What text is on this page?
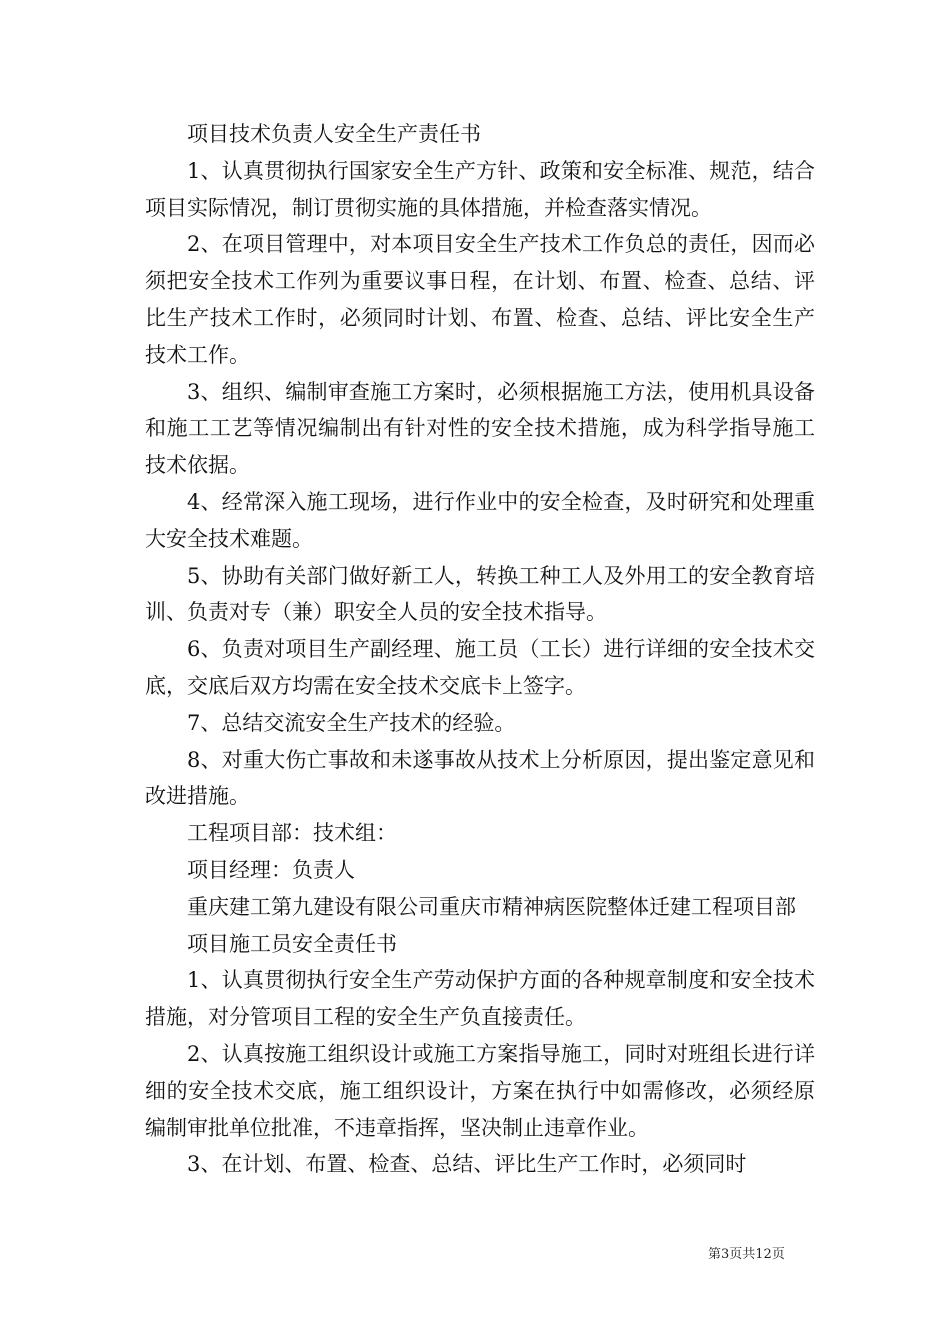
项目技术负责人安全生产责任书

1、认真贯彻执行国家安全生产方针、政策和安全标准、规范，结合项目实际情况，制订贯彻实施的具体措施，并检查落实情况。

2、在项目管理中，对本项目安全生产技术工作负总的责任，因而必须把安全技术工作列为重要议事日程，在计划、布置、检查、总结、评比生产技术工作时，必须同时计划、布置、检查、总结、评比安全生产技术工作。

3、组织、编制审查施工方案时，必须根据施工方法，使用机具设备和施工工艺等情况编制出有针对性的安全技术措施，成为科学指导施工技术依据。

4、经常深入施工现场，进行作业中的安全检查，及时研究和处理重大安全技术难题。

5、协助有关部门做好新工人，转换工种工人及外用工的安全教育培训、负责对专（兼）职安全人员的安全技术指导。

6、负责对项目生产副经理、施工员（工长）进行详细的安全技术交底，交底后双方均需在安全技术交底卡上签字。

7、总结交流安全生产技术的经验。

8、对重大伤亡事故和未遂事故从技术上分析原因，提出鉴定意见和改进措施。

工程项目部：技术组：

项目经理：负责人

重庆建工第九建设有限公司重庆市精神病医院整体迁建工程项目部

项目施工员安全责任书

1、认真贯彻执行安全生产劳动保护方面的各种规章制度和安全技术措施，对分管项目工程的安全生产负直接责任。

2、认真按施工组织设计或施工方案指导施工，同时对班组长进行详细的安全技术交底，施工组织设计，方案在执行中如需修改，必须经原编制审批单位批准，不违章指挥，坚决制止违章作业。

3、在计划、布置、检查、总结、评比生产工作时，必须同时

第3页共12页
